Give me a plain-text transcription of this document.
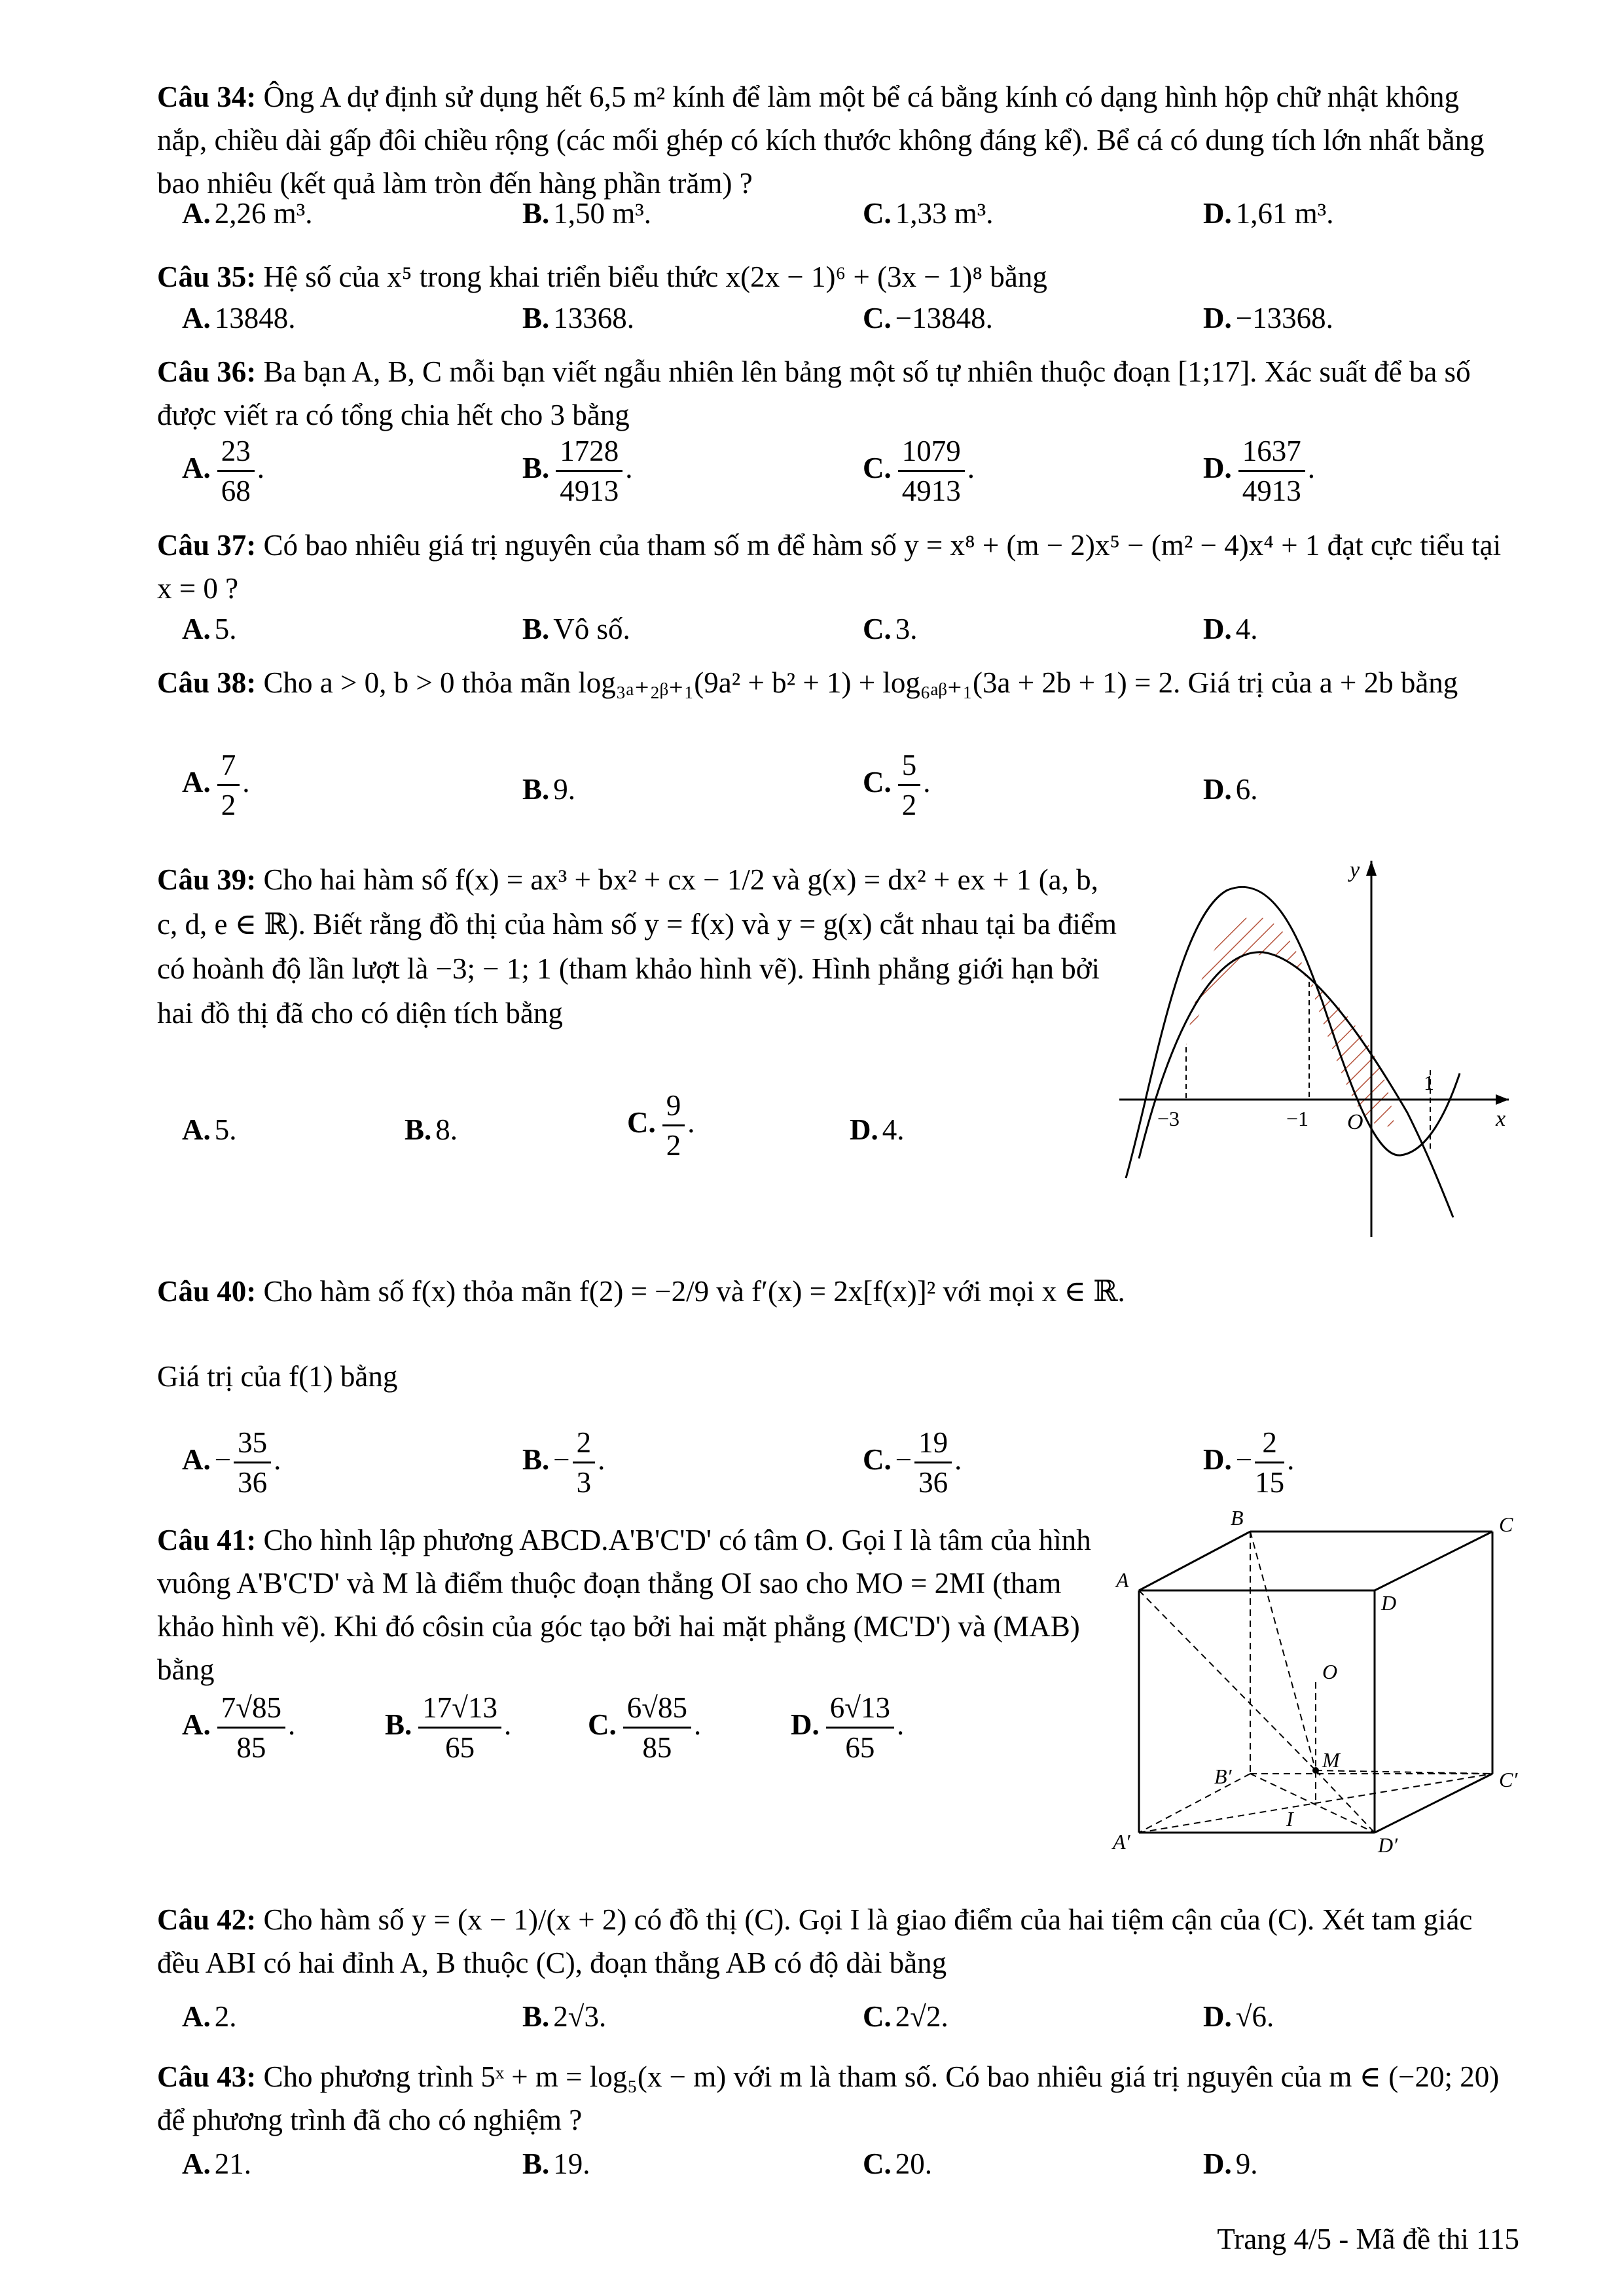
Câu 34: Ông A dự định sử dụng hết 6,5 m² kính để làm một bể cá bằng kính có dạng hình hộp chữ nhật không nắp, chiều dài gấp đôi chiều rộng (các mối ghép có kích thước không đáng kể). Bể cá có dung tích lớn nhất bằng bao nhiêu (kết quả làm tròn đến hàng phần trăm) ?
A. 2,26 m³.	B. 1,50 m³.	C. 1,33 m³.	D. 1,61 m³.
Câu 35: Hệ số của x⁵ trong khai triển biểu thức x(2x − 1)⁶ + (3x − 1)⁸ bằng
A. 13848.	B. 13368.	C. −13848.	D. −13368.
Câu 36: Ba bạn A, B, C mỗi bạn viết ngẫu nhiên lên bảng một số tự nhiên thuộc đoạn [1;17]. Xác suất để ba số được viết ra có tổng chia hết cho 3 bằng
A. $\frac{23}{68}$ .	B. $\frac{1728}{4913}$ .	C. $\frac{1079}{4913}$ .	D. $\frac{1637}{4913}$ .
Câu 37: Có bao nhiêu giá trị nguyên của tham số m để hàm số y = x⁸ + (m − 2)x⁵ − (m² − 4)x⁴ + 1 đạt cực tiểu tại x = 0 ?
A. 5.	B. Vô số.	C. 3.	D. 4.
Câu 38: Cho a > 0, b > 0 thỏa mãn log₃ₐ₊₂ᵦ₊₁(9a² + b² + 1) + log₆ₐᵦ₊₁(3a + 2b + 1) = 2. Giá trị của a + 2b bằng
A. $\frac{7}{2}$ .	B. 9.	C. $\frac{5}{2}$ .	D. 6.
Câu 39: Cho hai hàm số f(x) = ax³ + bx² + cx − 1/2 và g(x) = dx² + ex + 1 (a, b, c, d, e ∈ ℝ). Biết rằng đồ thị của hàm số y = f(x) và y = g(x) cắt nhau tại ba điểm có hoành độ lần lượt là −3; − 1; 1 (tham khảo hình vẽ). Hình phẳng giới hạn bởi hai đồ thị đã cho có diện tích bằng
A. 5.	B. 8.	C. $\frac{9}{2}$ .	D. 4.
y
x
O
−3	−1
1
Câu 40: Cho hàm số f(x) thỏa mãn f(2) = −2/9 và f′(x) = 2x[f(x)]² với mọi x ∈ ℝ.
Giá trị của f(1) bằng
A. − $\frac{35}{36}$ .	B. − $\frac{2}{3}$ .	C. − $\frac{19}{36}$ .	D. − $\frac{2}{15}$ .
Câu 41: Cho hình lập phương ABCD.A'B'C'D' có tâm O. Gọi I là tâm của hình vuông A'B'C'D' và M là điểm thuộc đoạn thẳng OI sao cho MO = 2MI (tham khảo hình vẽ). Khi đó côsin của góc tạo bởi hai mặt phẳng (MC'D') và (MAB) bằng
A. $\frac{7√85}{85}$ .	B. $\frac{17√13}{65}$ .	C. $\frac{6√85}{85}$ .	D. $\frac{6√13}{65}$ .
B	C
A
D
O
M
B′	C′
I
A′	D′
Câu 42: Cho hàm số y = (x − 1)/(x + 2) có đồ thị (C). Gọi I là giao điểm của hai tiệm cận của (C). Xét tam giác đều ABI có hai đỉnh A, B thuộc (C), đoạn thẳng AB có độ dài bằng
A. 2.	B. 2√3.	C. 2√2.	D. √6.
Câu 43: Cho phương trình 5ˣ + m = log₅(x − m) với m là tham số. Có bao nhiêu giá trị nguyên của m ∈ (−20; 20) để phương trình đã cho có nghiệm ?
A. 21.	B. 19.	C. 20.	D. 9.
Trang 4/5 - Mã đề thi 115
